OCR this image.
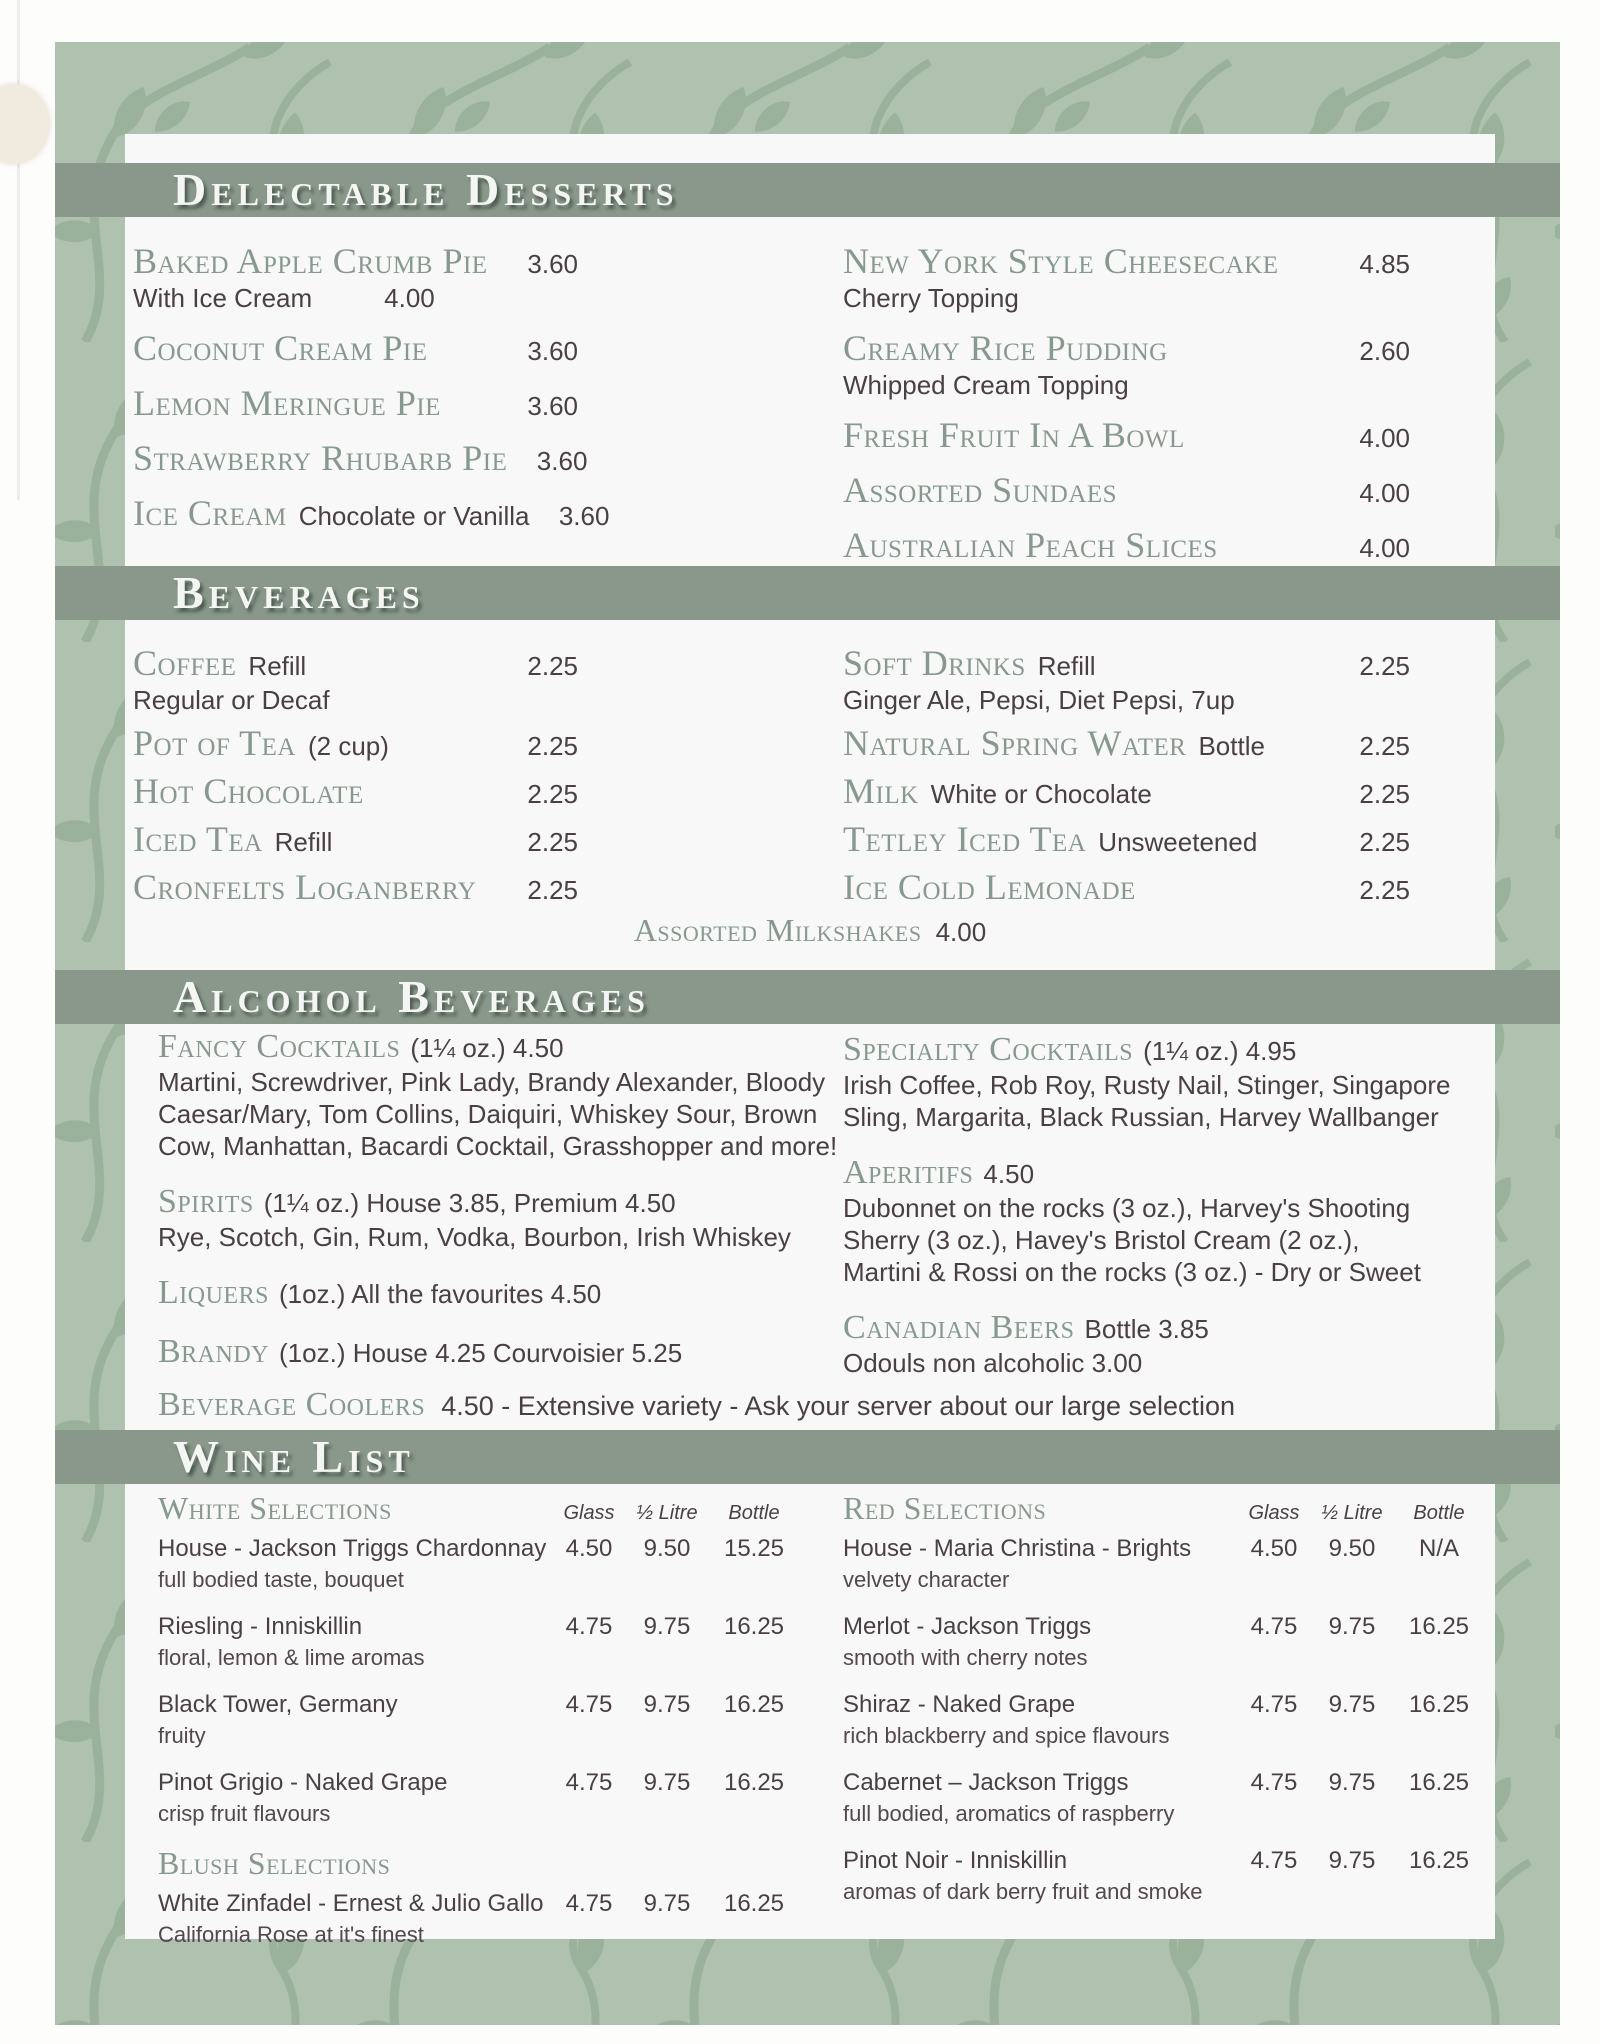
Delectable Desserts
Beverages
Alcohol Beverages
Wine List
Baked Apple Crumb Pie	3.60
With Ice Cream	4.00
Coconut Cream Pie	3.60
Lemon Meringue Pie	3.60
Strawberry Rhubarb Pie	3.60
Ice Cream Chocolate or Vanilla	3.60
New York Style Cheesecake	4.85
Cherry Topping
Creamy Rice Pudding	2.60
Whipped Cream Topping
Fresh Fruit In A Bowl	4.00
Assorted Sundaes	4.00
Australian Peach Slices	4.00
Coffee Refill	2.25
Regular or Decaf
Pot of Tea (2 cup)	2.25
Hot Chocolate	2.25
Iced Tea Refill	2.25
Cronfelts Loganberry	2.25
Soft Drinks Refill	2.25
Ginger Ale, Pepsi, Diet Pepsi, 7up
Natural Spring Water Bottle	2.25
Milk White or Chocolate	2.25
Tetley Iced Tea Unsweetened	2.25
Ice Cold Lemonade	2.25
Assorted Milkshakes 4.00
Fancy Cocktails (1¼ oz.) 4.50
Martini, Screwdriver, Pink Lady, Brandy Alexander, Bloody
Caesar/Mary, Tom Collins, Daiquiri, Whiskey Sour, Brown
Cow, Manhattan, Bacardi Cocktail, Grasshopper and more!
Spirits (1¼ oz.) House 3.85, Premium 4.50
Rye, Scotch, Gin, Rum, Vodka, Bourbon, Irish Whiskey
Liquers (1oz.) All the favourites 4.50
Brandy (1oz.) House 4.25 Courvoisier 5.25
Specialty Cocktails (1¼ oz.) 4.95
Irish Coffee, Rob Roy, Rusty Nail, Stinger, Singapore
Sling, Margarita, Black Russian, Harvey Wallbanger
Aperitifs 4.50
Dubonnet on the rocks (3 oz.), Harvey's Shooting
Sherry (3 oz.), Havey's Bristol Cream (2 oz.),
Martini & Rossi on the rocks (3 oz.) - Dry or Sweet
Canadian Beers Bottle 3.85
Odouls non alcoholic 3.00
Beverage Coolers 4.50 - Extensive variety - Ask your server about our large selection
White Selections	Glass	½ Litre	Bottle
House - Jackson Triggs Chardonnay 4.50	9.50	15.25
full bodied taste, bouquet
Riesling - Inniskillin	4.75	9.75	16.25
floral, lemon & lime aromas
Black Tower, Germany	4.75	9.75	16.25
fruity
Pinot Grigio - Naked Grape	4.75	9.75	16.25
crisp fruit flavours
Blush Selections
White Zinfadel - Ernest & Julio Gallo 4.75	9.75	16.25
California Rose at it's finest
Red Selections	Glass	½ Litre	Bottle
House - Maria Christina - Brights	4.50	9.50	N/A
velvety character
Merlot - Jackson Triggs	4.75	9.75	16.25
smooth with cherry notes
Shiraz - Naked Grape	4.75	9.75	16.25
rich blackberry and spice flavours
Cabernet – Jackson Triggs	4.75	9.75	16.25
full bodied, aromatics of raspberry
Pinot Noir - Inniskillin	4.75	9.75	16.25
aromas of dark berry fruit and smoke
